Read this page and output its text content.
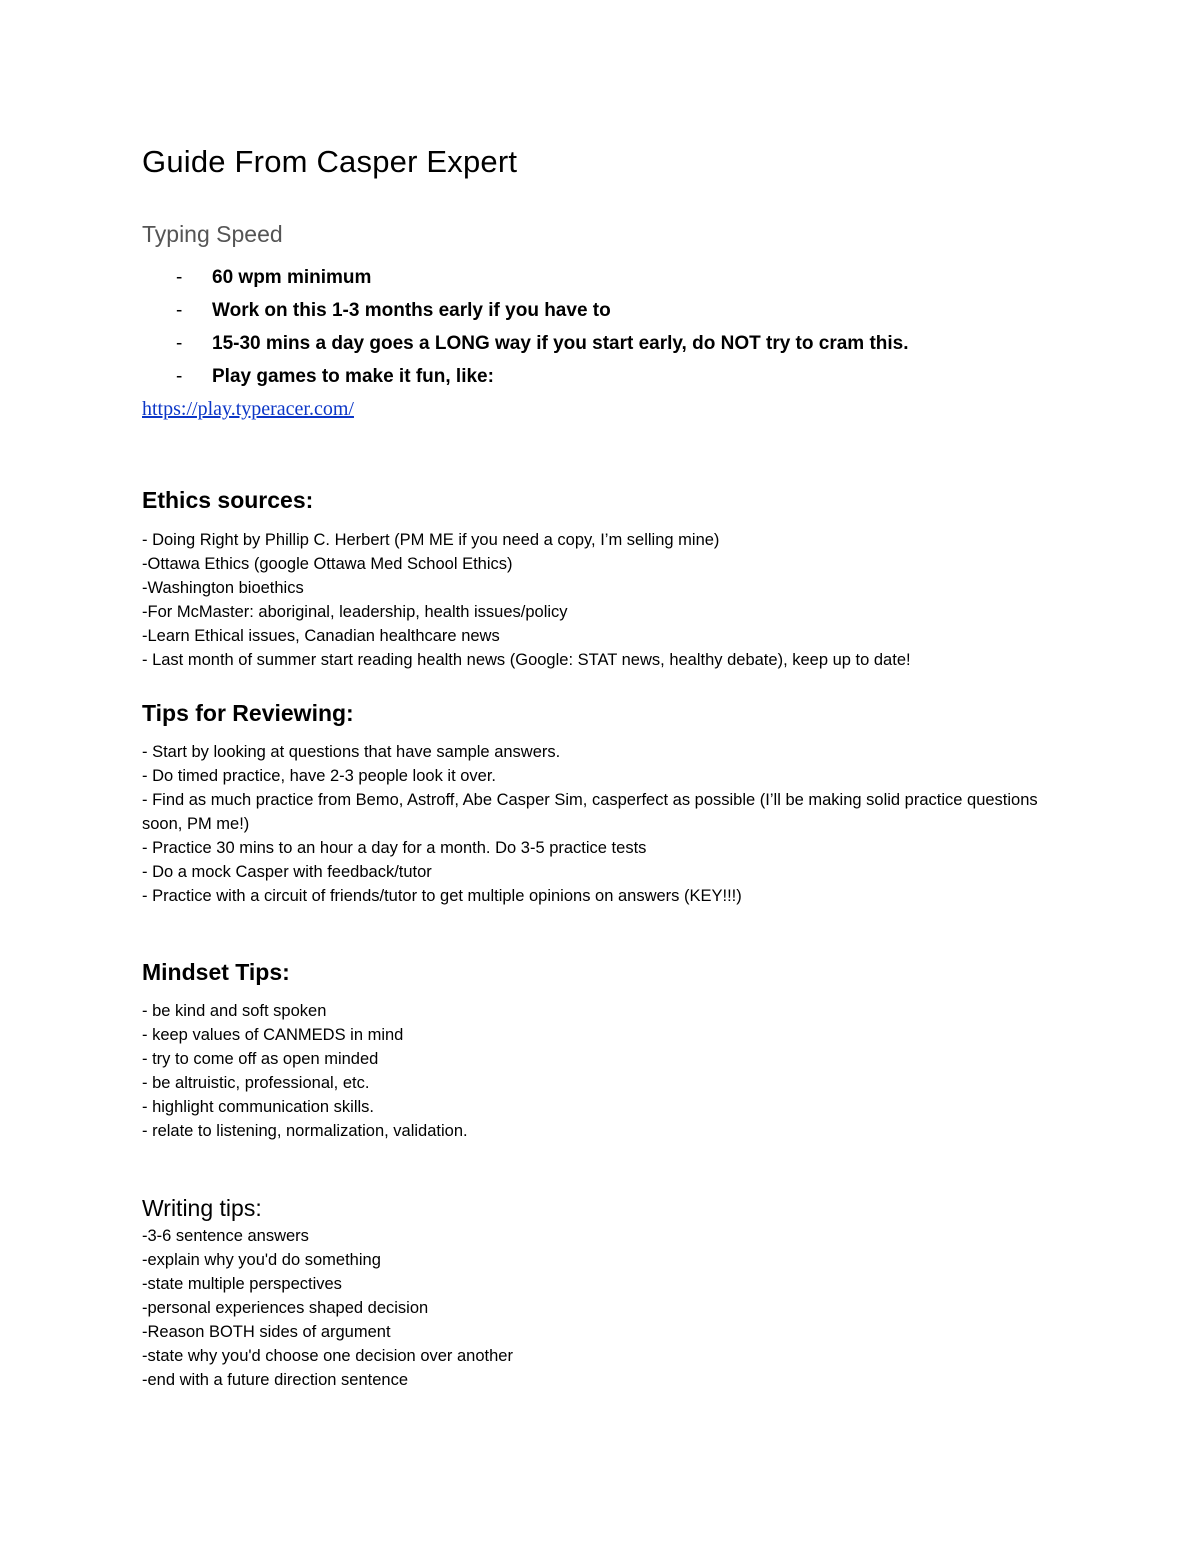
Guide From Casper Expert
Typing Speed
- 60 wpm minimum
- Work on this 1-3 months early if you have to
- 15-30 mins a day goes a LONG way if you start early, do NOT try to cram this.
- Play games to make it fun, like:
https://play.typeracer.com/
Ethics sources:
- Doing Right by Phillip C. Herbert (PM ME if you need a copy, I’m selling mine)
-Ottawa Ethics (google Ottawa Med School Ethics)
-Washington bioethics
-For McMaster: aboriginal, leadership, health issues/policy
-Learn Ethical issues, Canadian healthcare news
- Last month of summer start reading health news (Google: STAT news, healthy debate), keep up to date!
Tips for Reviewing:
- Start by looking at questions that have sample answers.
- Do timed practice, have 2-3 people look it over.
- Find as much practice from Bemo, Astroff, Abe Casper Sim, casperfect as possible (I’ll be making solid practice questions soon, PM me!)
- Practice 30 mins to an hour a day for a month. Do 3-5 practice tests
- Do a mock Casper with feedback/tutor
- Practice with a circuit of friends/tutor to get multiple opinions on answers (KEY!!!)
Mindset Tips:
- be kind and soft spoken
- keep values of CANMEDS in mind
- try to come off as open minded
- be altruistic, professional, etc.
- highlight communication skills.
- relate to listening, normalization, validation.
Writing tips:
-3-6 sentence answers
-explain why you'd do something
-state multiple perspectives
-personal experiences shaped decision
-Reason BOTH sides of argument
-state why you'd choose one decision over another
-end with a future direction sentence
